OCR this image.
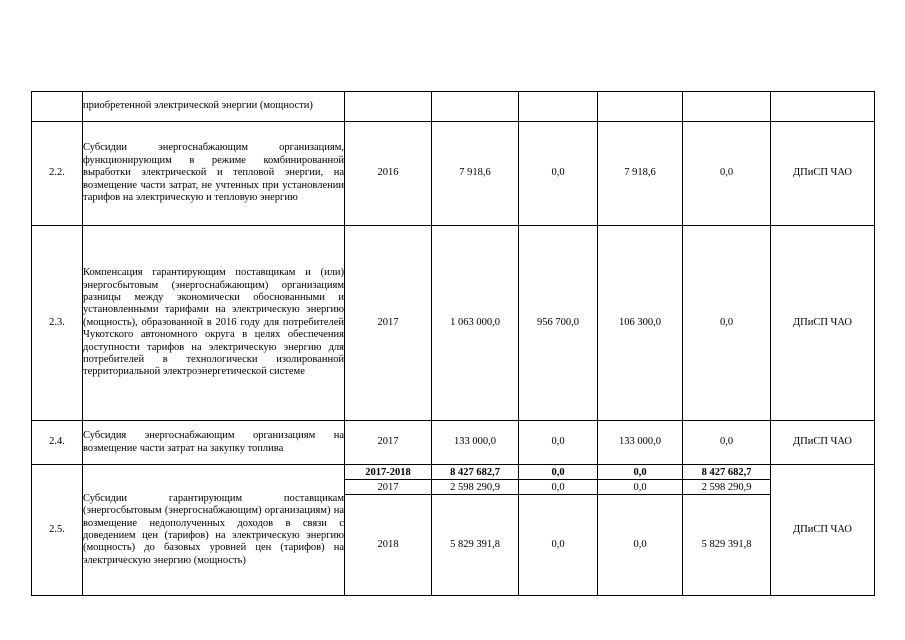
	приобретенной электрической энергии (мощности)						
2.2.	Субсидии энергоснабжающим организациям, функционирующим в режиме комбинированной выработки электрической и тепловой энергии, на возмещение части затрат, не учтенных при установлении тарифов на электрическую и тепловую энергию	2016	7 918,6	0,0	7 918,6	0,0	ДПиСП ЧАО
2.3.	Компенсация гарантирующим поставщикам и (или) энергосбытовым (энергоснабжающим) организациям разницы между экономически обоснованными и установленными тарифами на электрическую энергию (мощность), образованной в 2016 году для потребителей Чукотского автономного округа в целях обеспечения доступности тарифов на электрическую энергию для потребителей в технологически изолированной территориальной электроэнергетической системе	2017	1 063 000,0	956 700,0	106 300,0	0,0	ДПиСП ЧАО
2.4.	Субсидия энергоснабжающим организациям на возмещение части затрат на закупку топлива	2017	133 000,0	0,0	133 000,0	0,0	ДПиСП ЧАО
2.5.	Субсидии гарантирующим поставщикам (энергосбытовым (энергоснабжающим) организациям) на возмещение недополученных доходов в связи с доведением цен (тарифов) на электрическую энергию (мощность) до базовых уровней цен (тарифов) на электрическую энергию (мощность)	2017-2018	8 427 682,7	0,0	0,0	8 427 682,7	ДПиСП ЧАО
		2017	2 598 290,9	0,0	0,0	2 598 290,9	
		2018	5 829 391,8	0,0	0,0	5 829 391,8	
